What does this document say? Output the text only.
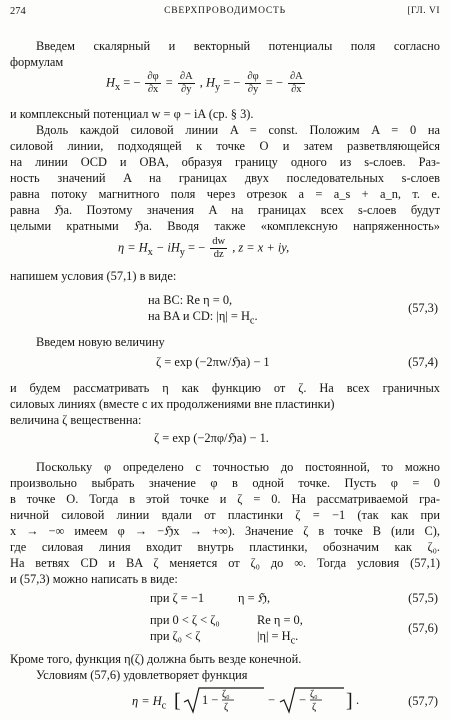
274	СВЕРХПРОВОДИМОСТЬ	[ГЛ. VI
Введем скалярный и векторный потенциалы поля согласно
формулам
$H_x$ = − $\frac{\partial\varphi}{\partial x} = \frac{\partial A}{\partial y}$ , $H_y$ = − $\frac{\partial\varphi}{\partial y}$ = − $\frac{\partial A}{\partial x}$
и комплексный потенциал w = φ − iA (ср. § 3).
Вдоль каждой силовой линии A = const. Положим A = 0 на
силовой линии, подходящей к точке O и затем разветвляющейся
на линии OCD и OBA, образуя границу одного из s-слоев. Раз-
ность значений A на границах двух последовательных s-слоев
равна потоку магнитного поля через отрезок a = a_s + a_n, т. е.
равна ℌa. Поэтому значения A на границах всех s-слоев будут
целыми кратными ℌa. Вводя также «комплексную напряженность»
$\eta = H_x - iH_y$ = − $\frac{dw}{dz}$ , z = x + iy,
напишем условия (57,1) в виде:
на BC: Re η = 0,
на BA и CD: $|\eta| = H_c$.
(57,3)
Введем новую величину
ζ = exp (−2πw/ℌa) − 1	(57,4)
и будем рассматривать η как функцию от ζ. На всех граничных
силовых линиях (вместе с их продолжениями вне пластинки)
величина ζ вещественна:
ζ = exp (−2πφ/ℌa) − 1.
Поскольку φ определено с точностью до постоянной, то можно
произвольно выбрать значение φ в одной точке. Пусть φ = 0
в точке O. Тогда в этой точке и ζ = 0. На рассматриваемой гра-
ничной силовой линии вдали от пластинки ζ = −1 (так как при
x → −∞ имеем φ → −ℌx → +∞). Значение ζ в точке B (или C),
где силовая линия входит внутрь пластинки, обозначим как ζ₀.
На ветвях CD и BA ζ меняется от ζ₀ до ∞. Тогда условия (57,1)
и (57,3) можно написать в виде:
при ζ = −1	η = ℌ,	(57,5)
при 0 < ζ < ζ₀	Re η = 0,
при ζ₀ < ζ	$|\eta| = H_c$.
(57,6)
Кроме того, функция η(ζ) должна быть везде конечной.
Условиям (57,6) удовлетворяет функция
$\eta = H_c$ [ 1 − ζ₀
ζ
− − ζ₀
ζ ] .	(57,7)
